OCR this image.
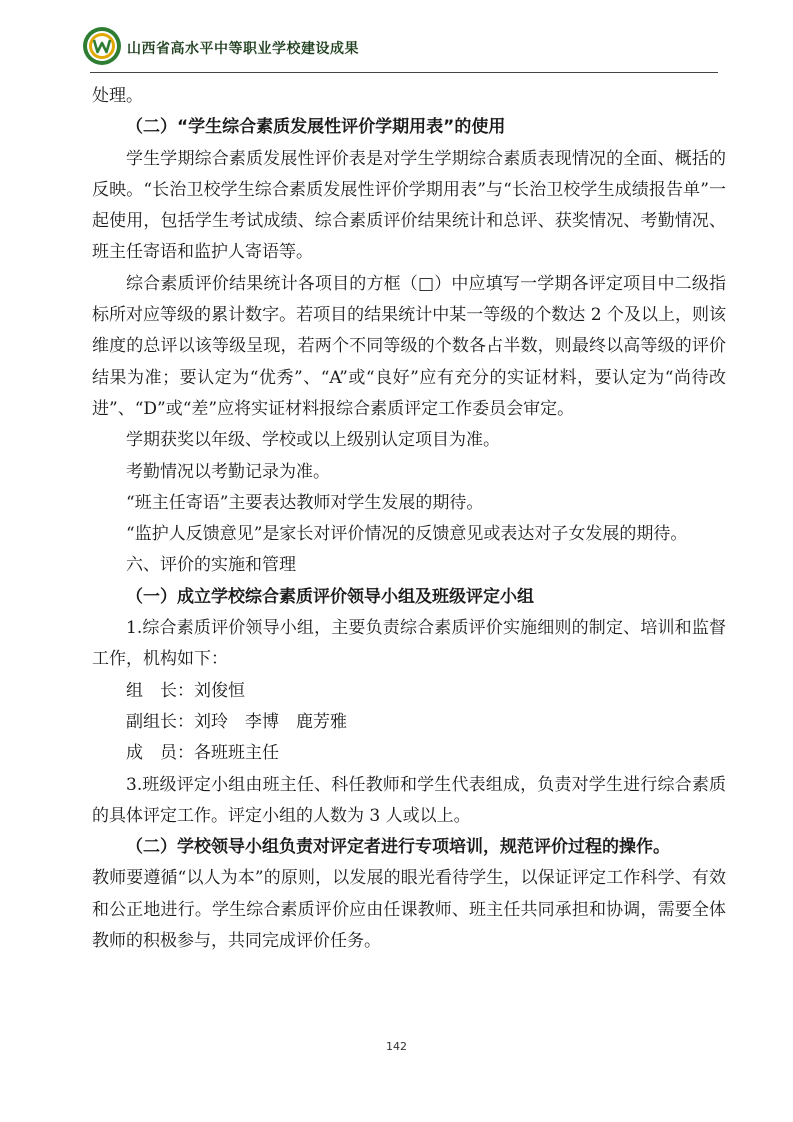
山西省高水平中等职业学校建设成果

处理。

（二）“学生综合素质发展性评价学期用表”的使用

学生学期综合素质发展性评价表是对学生学期综合素质表现情况的全面、概括的反映。“长治卫校学生综合素质发展性评价学期用表”与“长治卫校学生成绩报告单”一起使用，包括学生考试成绩、综合素质评价结果统计和总评、获奖情况、考勤情况、班主任寄语和监护人寄语等。

综合素质评价结果统计各项目的方框（□）中应填写一学期各评定项目中二级指标所对应等级的累计数字。若项目的结果统计中某一等级的个数达 2 个及以上，则该维度的总评以该等级呈现，若两个不同等级的个数各占半数，则最终以高等级的评价结果为准；要认定为“优秀”、“A”或“良好”应有充分的实证材料，要认定为“尚待改进”、“D”或“差”应将实证材料报综合素质评定工作委员会审定。

学期获奖以年级、学校或以上级别认定项目为准。

考勤情况以考勤记录为准。

“班主任寄语”主要表达教师对学生发展的期待。

“监护人反馈意见”是家长对评价情况的反馈意见或表达对子女发展的期待。

六、评价的实施和管理

（一）成立学校综合素质评价领导小组及班级评定小组

1.综合素质评价领导小组，主要负责综合素质评价实施细则的制定、培训和监督工作，机构如下：

组　长：刘俊恒

副组长：刘玲　李博　鹿芳雅

成　员：各班班主任

3.班级评定小组由班主任、科任教师和学生代表组成，负责对学生进行综合素质的具体评定工作。评定小组的人数为 3 人或以上。

（二）学校领导小组负责对评定者进行专项培训，规范评价过程的操作。

教师要遵循“以人为本”的原则，以发展的眼光看待学生，以保证评定工作科学、有效和公正地进行。学生综合素质评价应由任课教师、班主任共同承担和协调，需要全体教师的积极参与，共同完成评价任务。

142
